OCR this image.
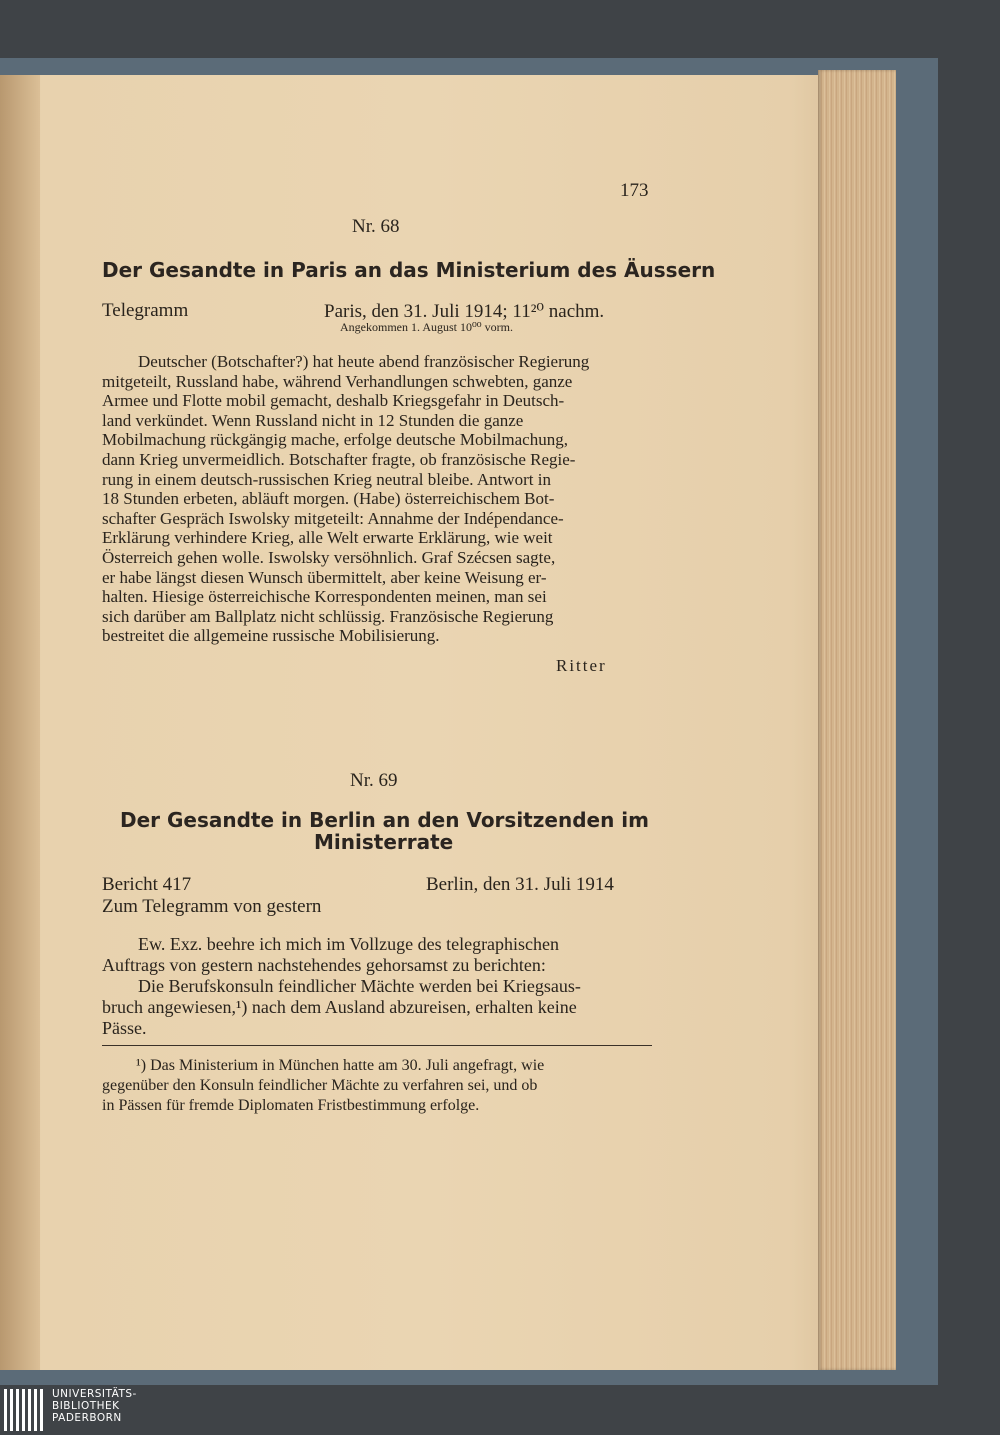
173
Nr. 68
Der Gesandte in Paris an das Ministerium des Äussern
Telegramm	Paris, den 31. Juli 1914; 11²⁰ nachm.
Angekommen 1. August 10⁰⁰ vorm.
Deutscher (Botschafter?) hat heute abend französischer Regierung
mitgeteilt, Russland habe, während Verhandlungen schwebten, ganze
Armee und Flotte mobil gemacht, deshalb Kriegsgefahr in Deutsch-
land verkündet. Wenn Russland nicht in 12 Stunden die ganze
Mobilmachung rückgängig mache, erfolge deutsche Mobilmachung,
dann Krieg unvermeidlich. Botschafter fragte, ob französische Regie-
rung in einem deutsch-russischen Krieg neutral bleibe. Antwort in
18 Stunden erbeten, abläuft morgen. (Habe) österreichischem Bot-
schafter Gespräch Iswolsky mitgeteilt: Annahme der Indépendance-
Erklärung verhindere Krieg, alle Welt erwarte Erklärung, wie weit
Österreich gehen wolle. Iswolsky versöhnlich. Graf Szécsen sagte,
er habe längst diesen Wunsch übermittelt, aber keine Weisung er-
halten. Hiesige österreichische Korrespondenten meinen, man sei
sich darüber am Ballplatz nicht schlüssig. Französische Regierung
bestreitet die allgemeine russische Mobilisierung.
Ritter
Nr. 69
Der Gesandte in Berlin an den Vorsitzenden im
Ministerrate
Bericht 417	Berlin, den 31. Juli 1914
Zum Telegramm von gestern
Ew. Exz. beehre ich mich im Vollzuge des telegraphischen
Auftrags von gestern nachstehendes gehorsamst zu berichten:
Die Berufskonsuln feindlicher Mächte werden bei Kriegsaus-
bruch angewiesen,¹) nach dem Ausland abzureisen, erhalten keine
Pässe.
¹) Das Ministerium in München hatte am 30. Juli angefragt, wie
gegenüber den Konsuln feindlicher Mächte zu verfahren sei, und ob
in Pässen für fremde Diplomaten Fristbestimmung erfolge.
UNIVERSITÄTS-
BIBLIOTHEK
PADERBORN
